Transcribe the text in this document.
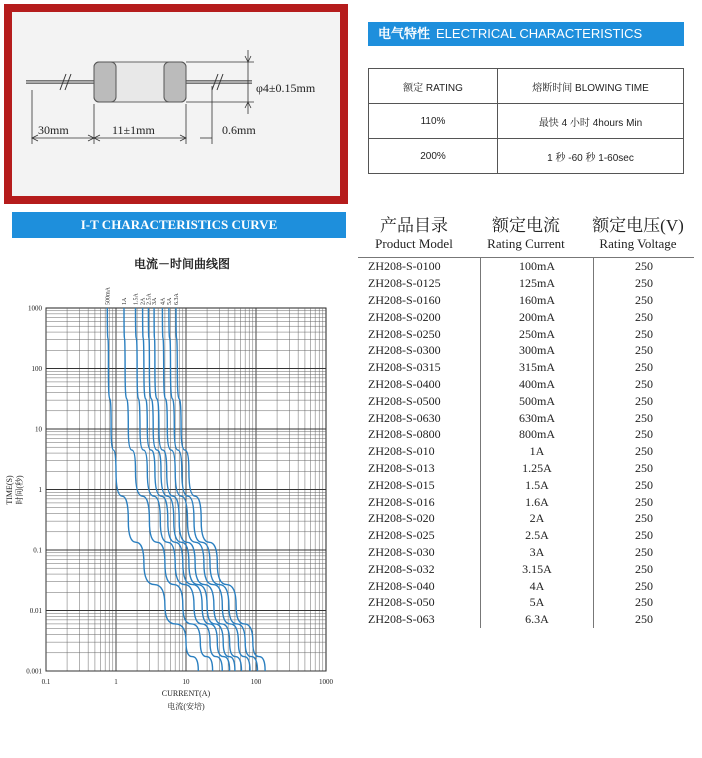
φ4±0.15mm
30mm	11±1mm	0.6mm
电气特性 ELECTRICAL CHARACTERISTICS
额定 RATING	熔断时间 BLOWING TIME
110%	最快 4 小时 4hours Min
200%	1 秒 -60 秒 1-60sec
I-T CHARACTERISTICS CURVE
电流－时间曲线图
0.1	1	10	100	1000
1000
100
10
1
0.1
0.01
0.001
500mA 1A 1.5A 2A 2.5A 3A 4A 5A 6.3A
CURRENT(A)
电流(安培)
TIME(S) 时间(秒)
产品目录
Product Model
额定电流
Rating Current
额定电压(V)
Rating Voltage
ZH208-S-0100	100mA	250
ZH208-S-0125	125mA	250
ZH208-S-0160	160mA	250
ZH208-S-0200	200mA	250
ZH208-S-0250	250mA	250
ZH208-S-0300	300mA	250
ZH208-S-0315	315mA	250
ZH208-S-0400	400mA	250
ZH208-S-0500	500mA	250
ZH208-S-0630	630mA	250
ZH208-S-0800	800mA	250
ZH208-S-010	1A	250
ZH208-S-013	1.25A	250
ZH208-S-015	1.5A	250
ZH208-S-016	1.6A	250
ZH208-S-020	2A	250
ZH208-S-025	2.5A	250
ZH208-S-030	3A	250
ZH208-S-032	3.15A	250
ZH208-S-040	4A	250
ZH208-S-050	5A	250
ZH208-S-063	6.3A	250
